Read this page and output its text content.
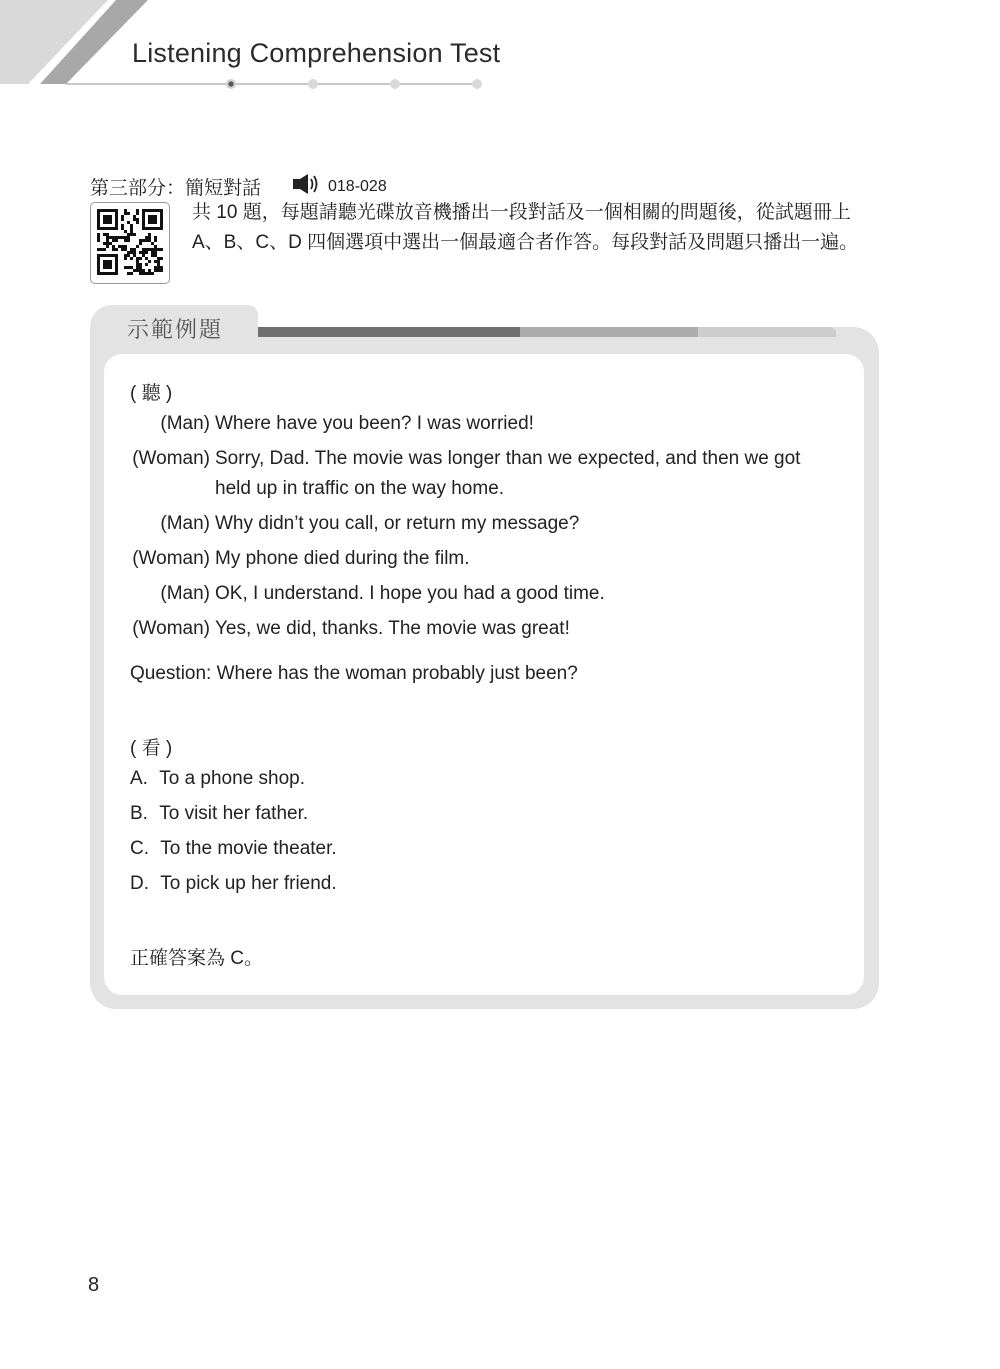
Listening Comprehension Test
第三部分：簡短對話	018-028
共 10 題，每題請聽光碟放音機播出一段對話及一個相關的問題後，從試題冊上
A、B、C、D 四個選項中選出一個最適合者作答。每段對話及問題只播出一遍。
示範例題
( 聽 )
(Man) Where have you been? I was worried!
(Woman) Sorry, Dad. The movie was longer than we expected, and then we got
held up in traffic on the way home.
(Man) Why didn’t you call, or return my message?
(Woman) My phone died during the film.
(Man) OK, I understand. I hope you had a good time.
(Woman) Yes, we did, thanks. The movie was great!
Question: Where has the woman probably just been?
( 看 )
A. To a phone shop.
B. To visit her father.
C. To the movie theater.
D. To pick up her friend.
正確答案為 C。
8
